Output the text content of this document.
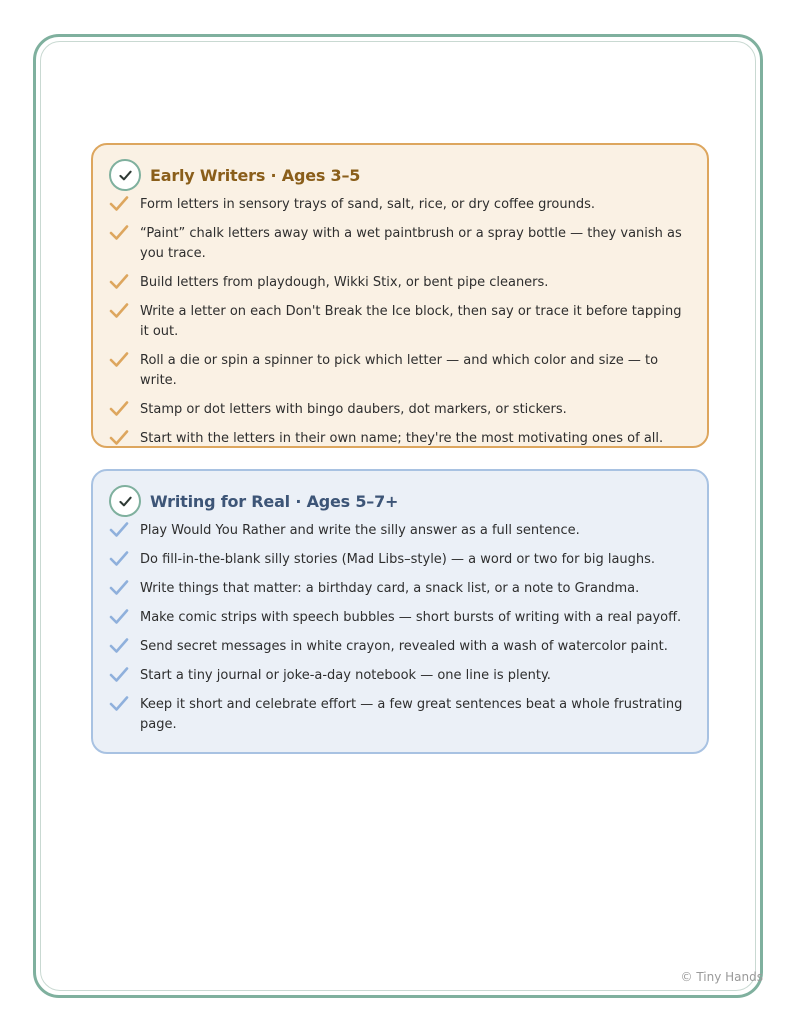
Early Writers · Ages 3–5
Form letters in sensory trays of sand, salt, rice, or dry coffee grounds.
“Paint” chalk letters away with a wet paintbrush or a spray bottle — they vanish as you trace.
Build letters from playdough, Wikki Stix, or bent pipe cleaners.
Write a letter on each Don't Break the Ice block, then say or trace it before tapping it out.
Roll a die or spin a spinner to pick which letter — and which color and size — to write.
Stamp or dot letters with bingo daubers, dot markers, or stickers.
Start with the letters in their own name; they're the most motivating ones of all.
Writing for Real · Ages 5–7+
Play Would You Rather and write the silly answer as a full sentence.
Do fill-in-the-blank silly stories (Mad Libs–style) — a word or two for big laughs.
Write things that matter: a birthday card, a snack list, or a note to Grandma.
Make comic strips with speech bubbles — short bursts of writing with a real payoff.
Send secret messages in white crayon, revealed with a wash of watercolor paint.
Start a tiny journal or joke-a-day notebook — one line is plenty.
Keep it short and celebrate effort — a few great sentences beat a whole frustrating page.
© Tiny Hands
